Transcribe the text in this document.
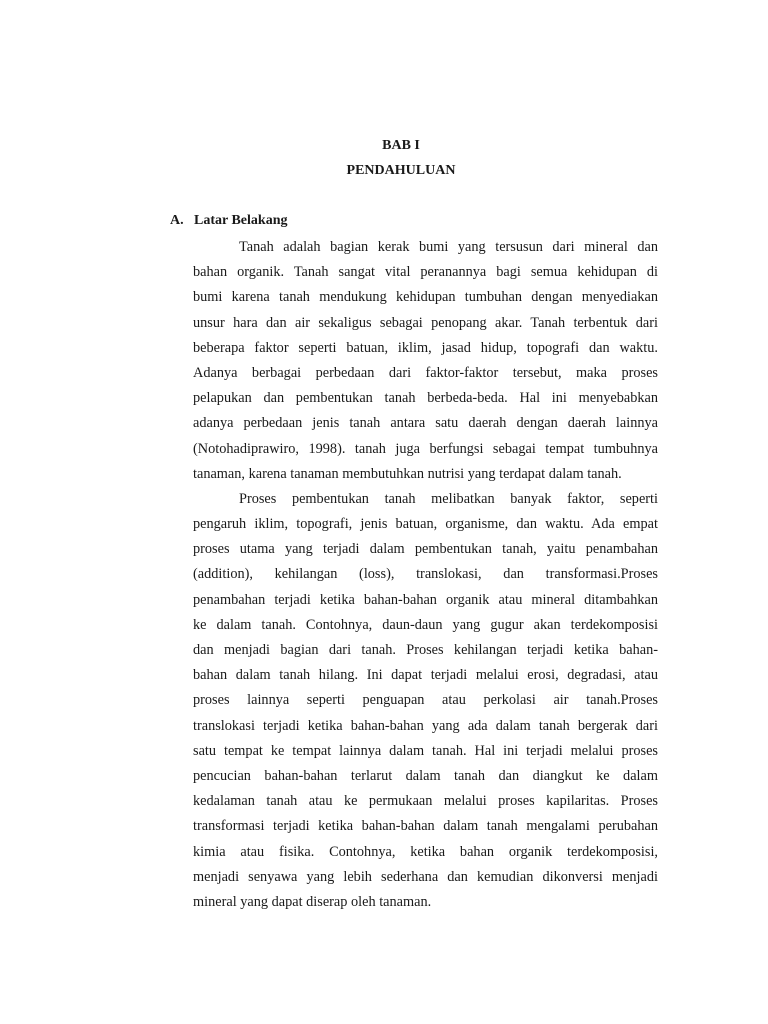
BAB I
PENDAHULUAN
A. Latar Belakang
Tanah adalah bagian kerak bumi yang tersusun dari mineral dan
bahan organik. Tanah sangat vital peranannya bagi semua kehidupan di
bumi karena tanah mendukung kehidupan tumbuhan dengan menyediakan
unsur hara dan air sekaligus sebagai penopang akar. Tanah terbentuk dari
beberapa faktor seperti batuan, iklim, jasad hidup, topografi dan waktu.
Adanya berbagai perbedaan dari faktor-faktor tersebut, maka proses
pelapukan dan pembentukan tanah berbeda-beda. Hal ini menyebabkan
adanya perbedaan jenis tanah antara satu daerah dengan daerah lainnya
(Notohadiprawiro, 1998). tanah juga berfungsi sebagai tempat tumbuhnya
tanaman, karena tanaman membutuhkan nutrisi yang terdapat dalam tanah.
Proses pembentukan tanah melibatkan banyak faktor, seperti
pengaruh iklim, topografi, jenis batuan, organisme, dan waktu. Ada empat
proses utama yang terjadi dalam pembentukan tanah, yaitu penambahan
(addition), kehilangan (loss), translokasi, dan transformasi.Proses
penambahan terjadi ketika bahan-bahan organik atau mineral ditambahkan
ke dalam tanah. Contohnya, daun-daun yang gugur akan terdekomposisi
dan menjadi bagian dari tanah. Proses kehilangan terjadi ketika bahan-
bahan dalam tanah hilang. Ini dapat terjadi melalui erosi, degradasi, atau
proses lainnya seperti penguapan atau perkolasi air tanah.Proses
translokasi terjadi ketika bahan-bahan yang ada dalam tanah bergerak dari
satu tempat ke tempat lainnya dalam tanah. Hal ini terjadi melalui proses
pencucian bahan-bahan terlarut dalam tanah dan diangkut ke dalam
kedalaman tanah atau ke permukaan melalui proses kapilaritas. Proses
transformasi terjadi ketika bahan-bahan dalam tanah mengalami perubahan
kimia atau fisika. Contohnya, ketika bahan organik terdekomposisi,
menjadi senyawa yang lebih sederhana dan kemudian dikonversi menjadi
mineral yang dapat diserap oleh tanaman.
